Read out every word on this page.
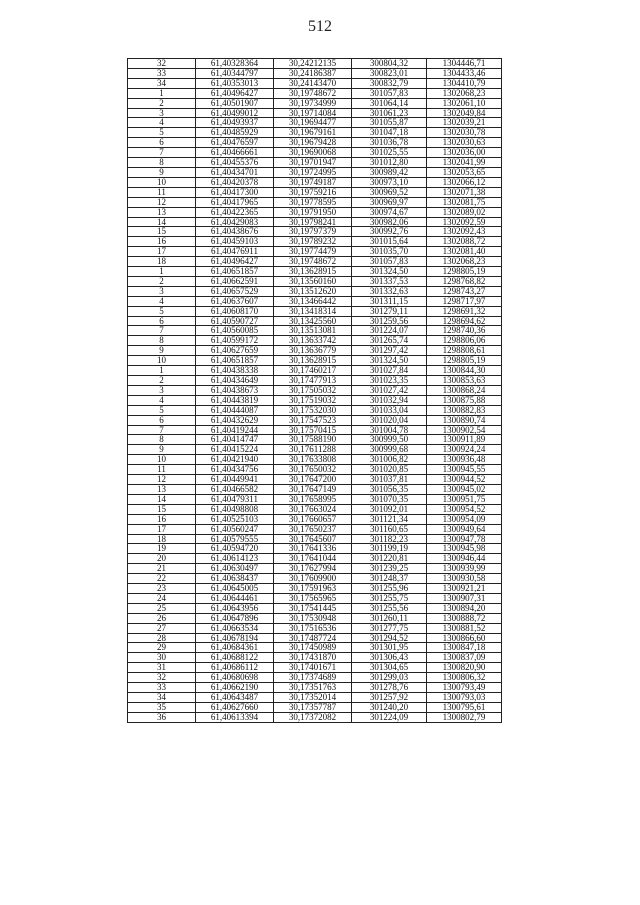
512
32	61,40328364	30,24212135	300804,32	1304446,71
33	61,40344797	30,24186387	300823,01	1304433,46
34	61,40353013	30,24143470	300832,79	1304410,79
1	61,40496427	30,19748672	301057,83	1302068,23
2	61,40501907	30,19734999	301064,14	1302061,10
3	61,40499012	30,19714084	301061,23	1302049,84
4	61,40493937	30,19694477	301055,87	1302039,21
5	61,40485929	30,19679161	301047,18	1302030,78
6	61,40476597	30,19679428	301036,78	1302030,63
7	61,40466661	30,19690068	301025,55	1302036,00
8	61,40455376	30,19701947	301012,80	1302041,99
9	61,40434701	30,19724995	300989,42	1302053,65
10	61,40420378	30,19749187	300973,10	1302066,12
11	61,40417300	30,19759216	300969,52	1302071,38
12	61,40417965	30,19778595	300969,97	1302081,75
13	61,40422365	30,19791950	300974,67	1302089,02
14	61,40429083	30,19798241	300982,06	1302092,59
15	61,40438676	30,19797379	300992,76	1302092,43
16	61,40459103	30,19789232	301015,64	1302088,72
17	61,40476911	30,19774479	301035,70	1302081,40
18	61,40496427	30,19748672	301057,83	1302068,23
1	61,40651857	30,13628915	301324,50	1298805,19
2	61,40662591	30,13560160	301337,53	1298768,82
3	61,40657529	30,13512620	301332,63	1298743,27
4	61,40637607	30,13466442	301311,15	1298717,97
5	61,40608170	30,13418314	301279,11	1298691,32
6	61,40590727	30,13425560	301259,56	1298694,62
7	61,40560085	30,13513081	301224,07	1298740,36
8	61,40599172	30,13633742	301265,74	1298806,06
9	61,40627659	30,13636779	301297,42	1298808,61
10	61,40651857	30,13628915	301324,50	1298805,19
1	61,40438338	30,17460217	301027,84	1300844,30
2	61,40434649	30,17477913	301023,35	1300853,63
3	61,40438673	30,17505032	301027,42	1300868,24
4	61,40443819	30,17519032	301032,94	1300875,88
5	61,40444087	30,17532030	301033,04	1300882,83
6	61,40432629	30,17547523	301020,04	1300890,74
7	61,40419244	30,17570415	301004,78	1300902,54
8	61,40414747	30,17588190	300999,50	1300911,89
9	61,40415224	30,17611288	300999,68	1300924,24
10	61,40421940	30,17633808	301006,82	1300936,48
11	61,40434756	30,17650032	301020,85	1300945,55
12	61,40449941	30,17647200	301037,81	1300944,52
13	61,40466582	30,17647149	301056,35	1300945,02
14	61,40479311	30,17658995	301070,35	1300951,75
15	61,40498808	30,17663024	301092,01	1300954,52
16	61,40525103	30,17660657	301121,34	1300954,09
17	61,40560247	30,17650237	301160,65	1300949,64
18	61,40579555	30,17645607	301182,23	1300947,78
19	61,40594720	30,17641336	301199,19	1300945,98
20	61,40614123	30,17641044	301220,81	1300946,44
21	61,40630497	30,17627994	301239,25	1300939,99
22	61,40638437	30,17609900	301248,37	1300930,58
23	61,40645005	30,17591963	301255,96	1300921,21
24	61,40644461	30,17565965	301255,75	1300907,31
25	61,40643956	30,17541445	301255,56	1300894,20
26	61,40647896	30,17530948	301260,11	1300888,72
27	61,40663534	30,17516536	301277,75	1300881,52
28	61,40678194	30,17487724	301294,52	1300866,60
29	61,40684361	30,17450989	301301,95	1300847,18
30	61,40688122	30,17431870	301306,43	1300837,09
31	61,40686112	30,17401671	301304,65	1300820,90
32	61,40680698	30,17374689	301299,03	1300806,32
33	61,40662190	30,17351763	301278,76	1300793,49
34	61,40643487	30,17352014	301257,92	1300793,03
35	61,40627660	30,17357787	301240,20	1300795,61
36	61,40613394	30,17372082	301224,09	1300802,79
